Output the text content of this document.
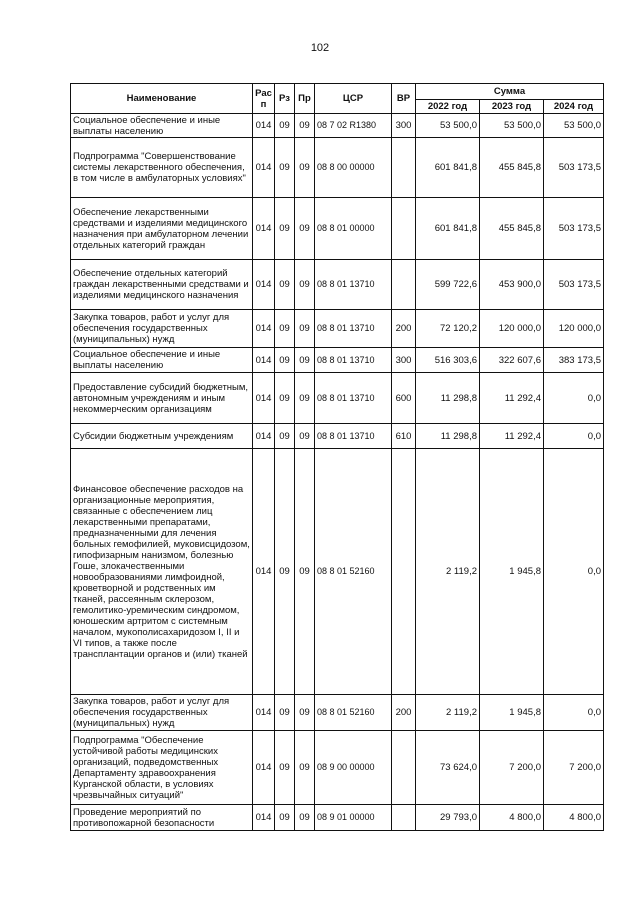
102
Наименование	Рас п	Рз	Пр	ЦСР	ВР	Сумма		
						2022 год	2023 год	2024 год
Социальное обеспечение и иные выплаты населению	014	09	09	08 7 02 R1380	300	53 500,0	53 500,0	53 500,0
Подпрограмма "Совершенствование системы лекарственного обеспечения, в том числе в амбулаторных условиях"	014	09	09	08 8 00 00000		601 841,8	455 845,8	503 173,5
Обеспечение лекарственными средствами и изделиями медицинского назначения при амбулаторном лечении отдельных категорий граждан	014	09	09	08 8 01 00000		601 841,8	455 845,8	503 173,5
Обеспечение отдельных категорий граждан лекарственными средствами и изделиями медицинского назначения	014	09	09	08 8 01 13710		599 722,6	453 900,0	503 173,5
Закупка товаров, работ и услуг для обеспечения государственных (муниципальных) нужд	014	09	09	08 8 01 13710	200	72 120,2	120 000,0	120 000,0
Социальное обеспечение и иные выплаты населению	014	09	09	08 8 01 13710	300	516 303,6	322 607,6	383 173,5
Предоставление субсидий бюджетным, автономным учреждениям и иным некоммерческим организациям	014	09	09	08 8 01 13710	600	11 298,8	11 292,4	0,0
Субсидии бюджетным учреждениям	014	09	09	08 8 01 13710	610	11 298,8	11 292,4	0,0
Финансовое обеспечение расходов на организационные мероприятия, связанные с обеспечением лиц лекарственными препаратами, предназначенными для лечения больных гемофилией, муковисцидозом, гипофизарным нанизмом, болезнью Гоше, злокачественными новообразованиями лимфоидной, кроветворной и родственных им тканей, рассеянным склерозом, гемолитико-уремическим синдромом, юношеским артритом с системным началом, мукополисахаридозом I, II и VI типов, а также после трансплантации органов и (или) тканей	014	09	09	08 8 01 52160		2 119,2	1 945,8	0,0
Закупка товаров, работ и услуг для обеспечения государственных (муниципальных) нужд	014	09	09	08 8 01 52160	200	2 119,2	1 945,8	0,0
Подпрограмма "Обеспечение устойчивой работы медицинских организаций, подведомственных Департаменту здравоохранения Курганской области, в условиях чрезвычайных ситуаций"	014	09	09	08 9 00 00000		73 624,0	7 200,0	7 200,0
Проведение мероприятий по противопожарной безопасности	014	09	09	08 9 01 00000		29 793,0	4 800,0	4 800,0
